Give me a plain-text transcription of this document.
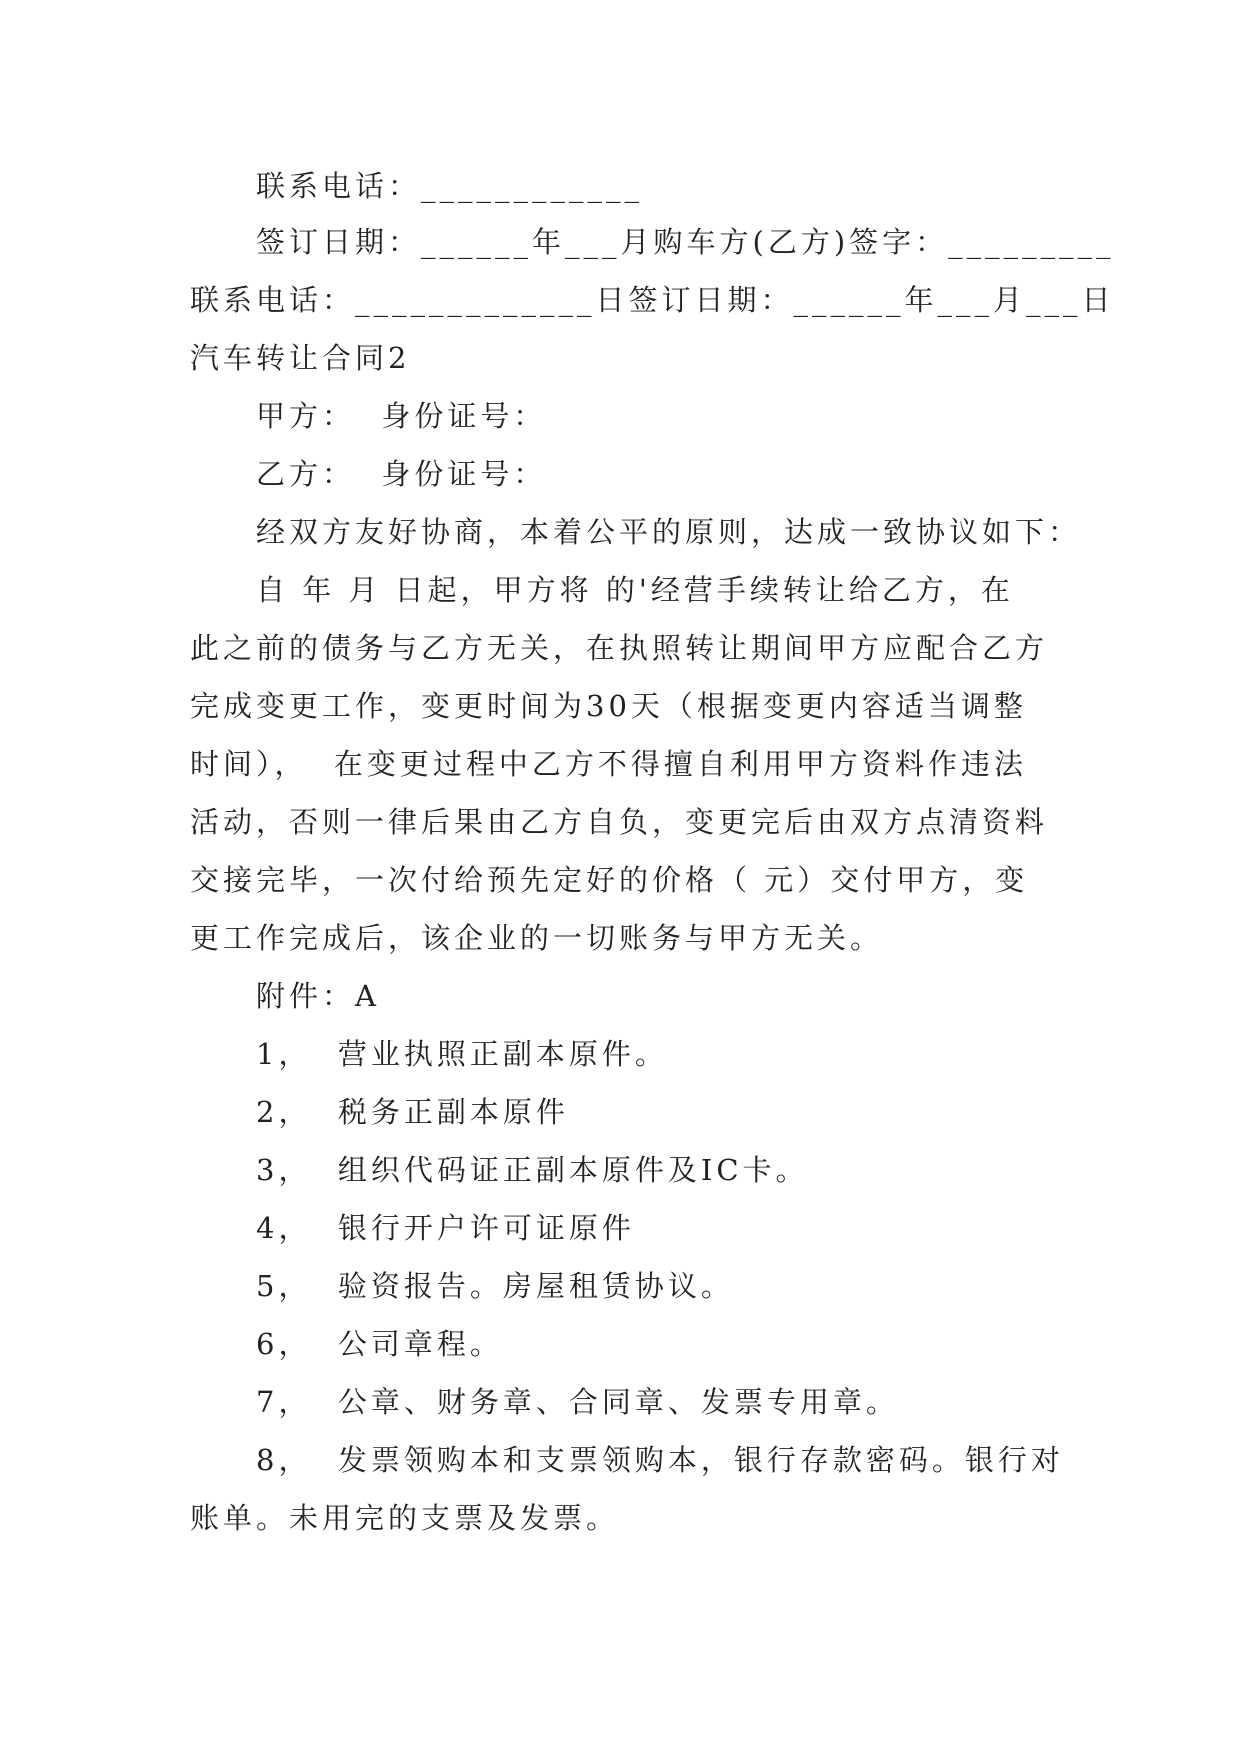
联系电话：____________
签订日期：______年___月购车方(乙方)签字：_________
联系电话：_____________日签订日期：______年___月___日
汽车转让合同2
甲方：  身份证号：
乙方：  身份证号：
经双方友好协商，本着公平的原则，达成一致协议如下：
自 年 月 日起，甲方将 的'经营手续转让给乙方，在
此之前的债务与乙方无关，在执照转让期间甲方应配合乙方
完成变更工作，变更时间为30天（根据变更内容适当调整
时间），  在变更过程中乙方不得擅自利用甲方资料作违法
活动，否则一律后果由乙方自负，变更完后由双方点清资料
交接完毕，一次付给预先定好的价格（ 元）交付甲方，变
更工作完成后，该企业的一切账务与甲方无关。
附件：A
1，  营业执照正副本原件。
2，  税务正副本原件
3，  组织代码证正副本原件及IC卡。
4，  银行开户许可证原件
5，  验资报告。房屋租赁协议。
6，  公司章程。
7，  公章、财务章、合同章、发票专用章。
8，  发票领购本和支票领购本，银行存款密码。银行对
账单。未用完的支票及发票。
